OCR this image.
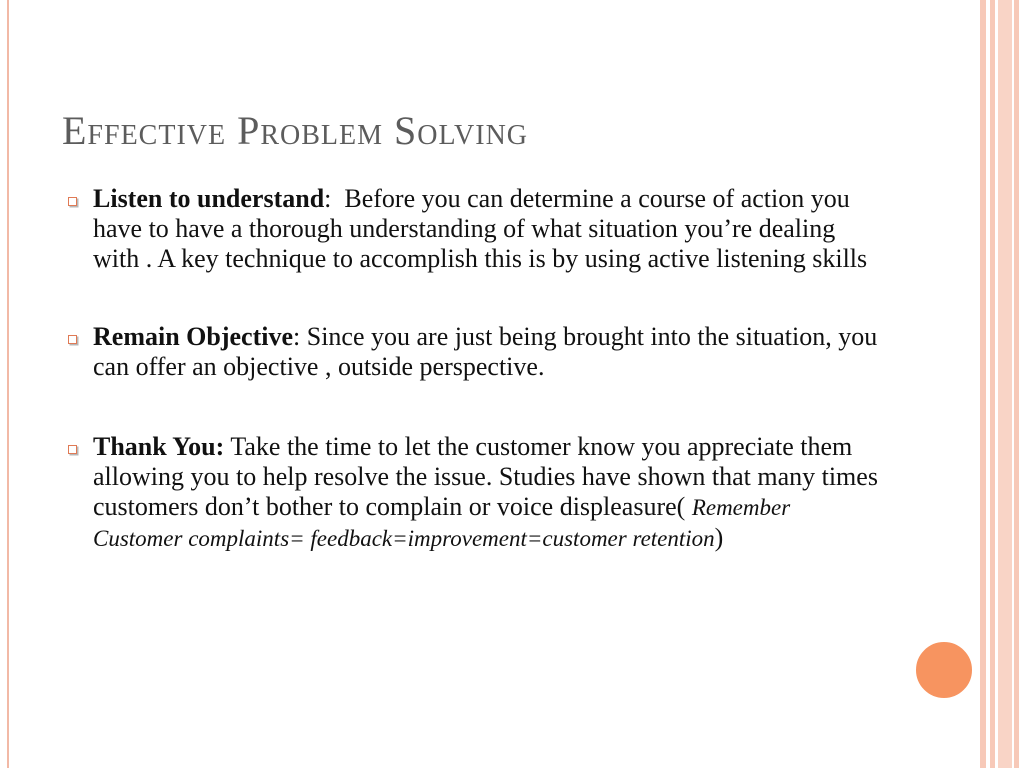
Effective Problem Solving
Listen to understand:  Before you can determine a course of action you have to have a thorough understanding of what situation you’re dealing with . A key technique to accomplish this is by using active listening skills
Remain Objective: Since you are just being brought into the situation, you can offer an objective , outside perspective.
Thank You: Take the time to let the customer know you appreciate them allowing you to help resolve the issue. Studies have shown that many times customers don’t bother to complain or voice displeasure( Remember Customer complaints= feedback=improvement=customer retention)
